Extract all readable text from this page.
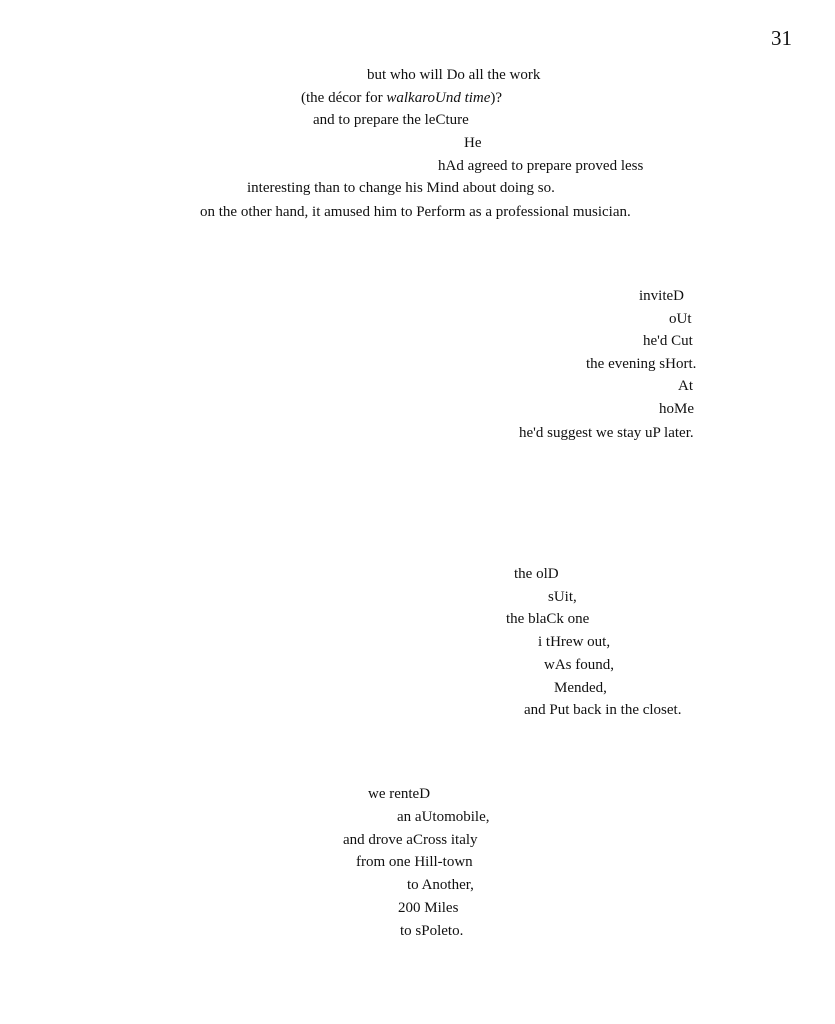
31
but who will Do all the work
(the décor for walkaroUnd time)?
and to prepare the leCture
He
hAd agreed to prepare proved less
interesting than to change his Mind about doing so.
on the other hand, it amused him to Perform as a professional musician.
inviteD
oUt
he'd Cut
the evening sHort.
At
hoMe
he'd suggest we stay uP later.
the olD
sUit,
the blaCk one
i tHrew out,
wAs found,
Mended,
and Put back in the closet.
we renteD
an aUtomobile,
and drove aCross italy
from one Hill-town
to Another,
200 Miles
to sPoleto.
